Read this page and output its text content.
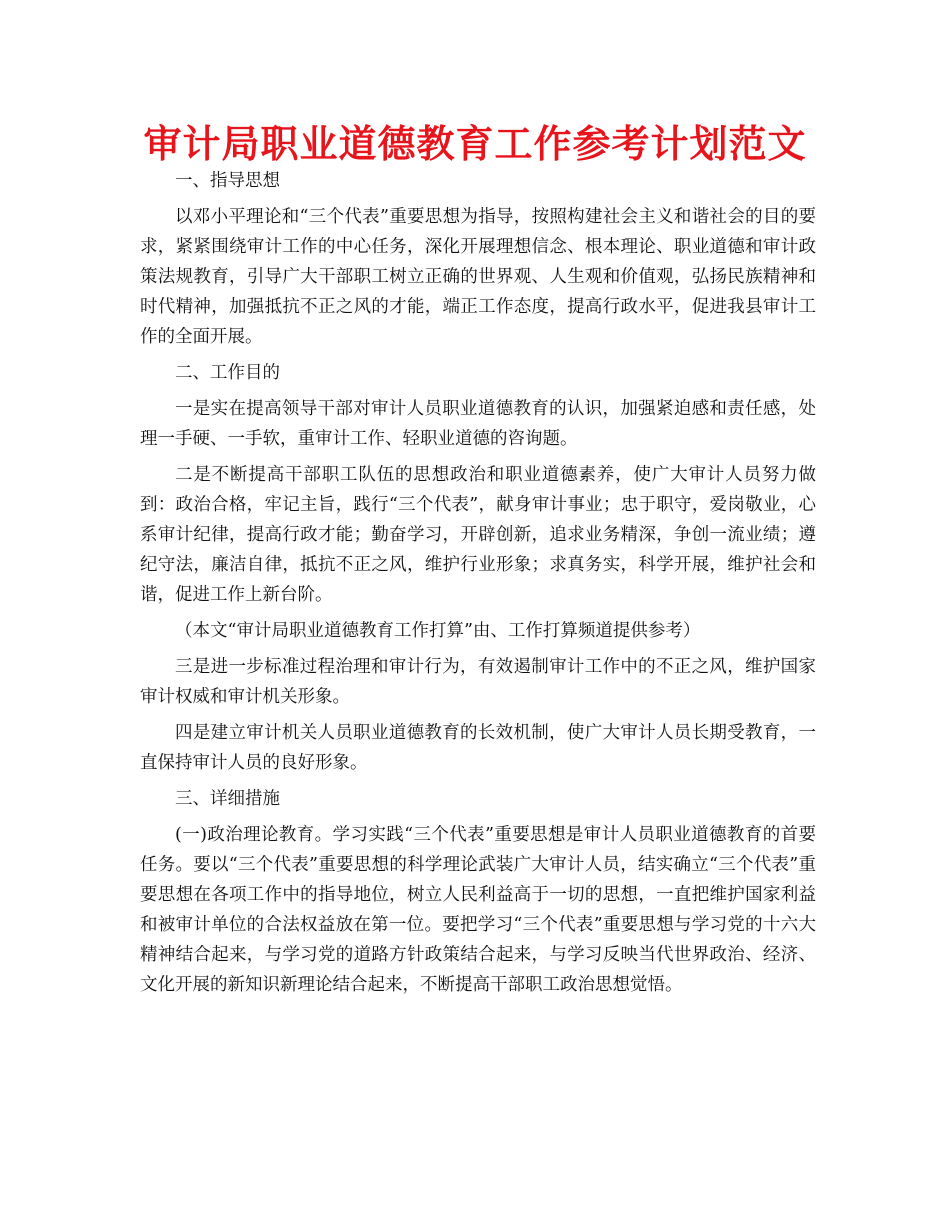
审计局职业道德教育工作参考计划范文

一、指导思想

以邓小平理论和“三个代表”重要思想为指导，按照构建社会主义和谐社会的目的要求，紧紧围绕审计工作的中心任务，深化开展理想信念、根本理论、职业道德和审计政策法规教育，引导广大干部职工树立正确的世界观、人生观和价值观，弘扬民族精神和时代精神，加强抵抗不正之风的才能，端正工作态度，提高行政水平，促进我县审计工作的全面开展。

二、工作目的

一是实在提高领导干部对审计人员职业道德教育的认识，加强紧迫感和责任感，处理一手硬、一手软，重审计工作、轻职业道德的咨询题。

二是不断提高干部职工队伍的思想政治和职业道德素养，使广大审计人员努力做到：政治合格，牢记主旨，践行“三个代表”，献身审计事业；忠于职守，爱岗敬业，心系审计纪律，提高行政才能；勤奋学习，开辟创新，追求业务精深，争创一流业绩；遵纪守法，廉洁自律，抵抗不正之风，维护行业形象；求真务实，科学开展，维护社会和谐，促进工作上新台阶。

（本文“审计局职业道德教育工作打算”由、工作打算频道提供参考）

三是进一步标准过程治理和审计行为，有效遏制审计工作中的不正之风，维护国家审计权威和审计机关形象。

四是建立审计机关人员职业道德教育的长效机制，使广大审计人员长期受教育，一直保持审计人员的良好形象。

三、详细措施

(一)政治理论教育。学习实践“三个代表”重要思想是审计人员职业道德教育的首要任务。要以“三个代表”重要思想的科学理论武装广大审计人员，结实确立“三个代表”重要思想在各项工作中的指导地位，树立人民利益高于一切的思想，一直把维护国家利益和被审计单位的合法权益放在第一位。要把学习“三个代表”重要思想与学习党的十六大精神结合起来，与学习党的道路方针政策结合起来，与学习反映当代世界政治、经济、文化开展的新知识新理论结合起来，不断提高干部职工政治思想觉悟。
